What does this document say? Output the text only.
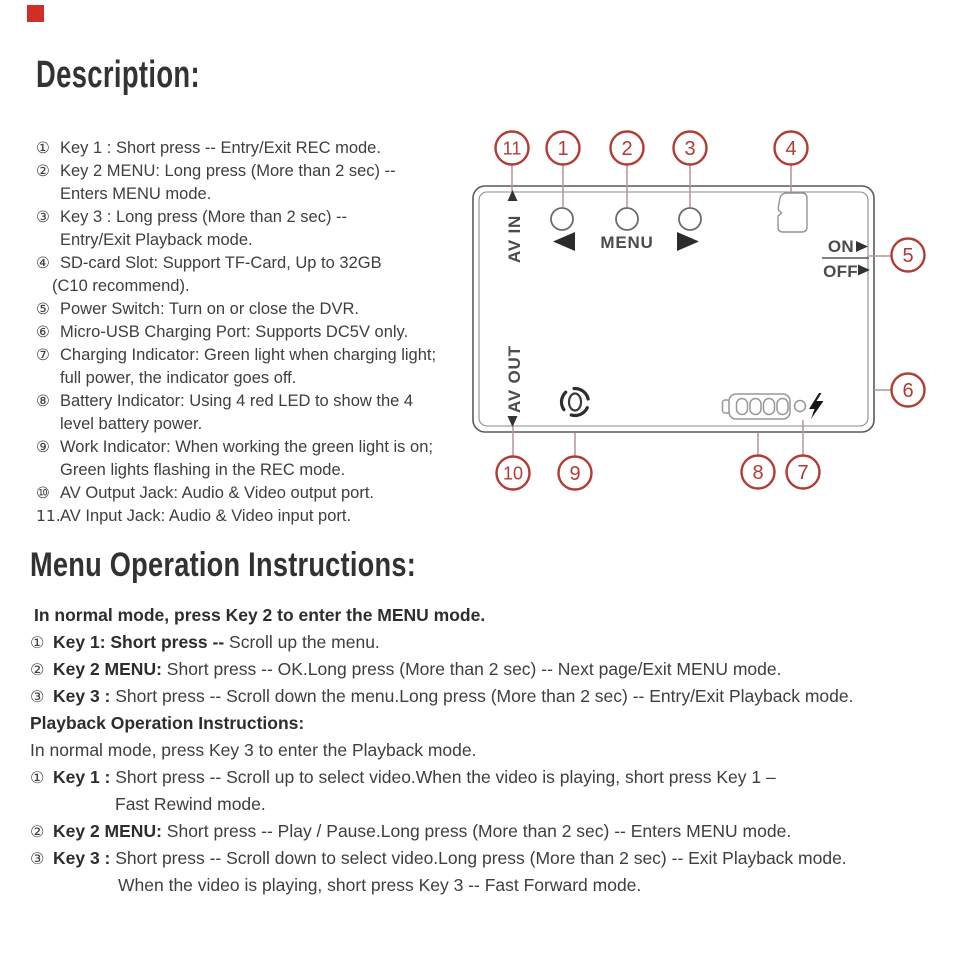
Description:
① Key 1 : Short press -- Entry/Exit REC mode.
② Key 2 MENU: Long press (More than 2 sec) --
Enters MENU mode.
③ Key 3 : Long press (More than 2 sec) --
Entry/Exit Playback mode.
④ SD-card Slot: Support TF-Card, Up to 32GB
(C10 recommend).
⑤ Power Switch: Turn on or close the DVR.
⑥ Micro-USB Charging Port: Supports DC5V only.
⑦ Charging Indicator: Green light when charging light;
full power, the indicator goes off.
⑧ Battery Indicator: Using 4 red LED to show the 4
level battery power.
⑨ Work Indicator: When working the green light is on;
Green lights flashing in the REC mode.
⑩ AV Output Jack: Audio & Video output port.
11.AV Input Jack: Audio & Video input port.
AV IN	MENU	ON
OFF
AV OUT
11 1	2	3	4
5
6
7
8
9
10
Menu Operation Instructions:
In normal mode, press Key 2 to enter the MENU mode.
① Key 1: Short press -- Scroll up the menu.
② Key 2 MENU: Short press -- OK.Long press (More than 2 sec) -- Next page/Exit MENU mode.
③ Key 3 : Short press -- Scroll down the menu.Long press (More than 2 sec) -- Entry/Exit Playback mode.
Playback Operation Instructions:
In normal mode, press Key 3 to enter the Playback mode.
① Key 1 : Short press -- Scroll up to select video.When the video is playing, short press Key 1 –
Fast Rewind mode.
② Key 2 MENU: Short press -- Play / Pause.Long press (More than 2 sec) -- Enters MENU mode.
③ Key 3 : Short press -- Scroll down to select video.Long press (More than 2 sec) -- Exit Playback mode.
When the video is playing, short press Key 3 -- Fast Forward mode.
